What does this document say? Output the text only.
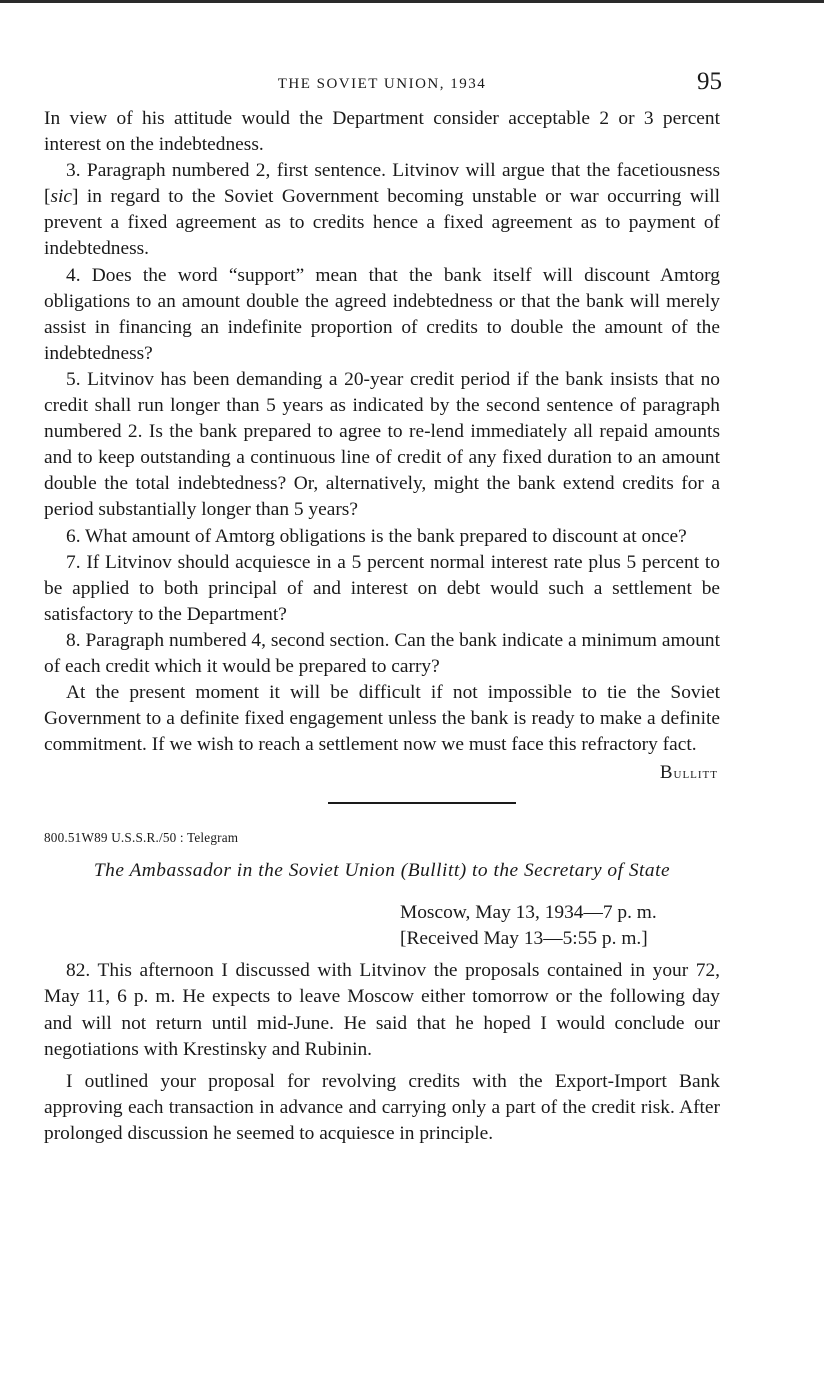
THE SOVIET UNION, 1934	95

In view of his attitude would the Department consider acceptable 2 or 3 percent interest on the indebtedness.

3. Paragraph numbered 2, first sentence. Litvinov will argue that the facetiousness [sic] in regard to the Soviet Government becoming unstable or war occurring will prevent a fixed agreement as to credits hence a fixed agreement as to payment of indebtedness.

4. Does the word “support” mean that the bank itself will discount Amtorg obligations to an amount double the agreed indebtedness or that the bank will merely assist in financing an indefinite proportion of credits to double the amount of the indebtedness?

5. Litvinov has been demanding a 20-year credit period if the bank insists that no credit shall run longer than 5 years as indicated by the second sentence of paragraph numbered 2. Is the bank prepared to agree to re-lend immediately all repaid amounts and to keep outstanding a continuous line of credit of any fixed duration to an amount double the total indebtedness? Or, alternatively, might the bank extend credits for a period substantially longer than 5 years?

6. What amount of Amtorg obligations is the bank prepared to discount at once?

7. If Litvinov should acquiesce in a 5 percent normal interest rate plus 5 percent to be applied to both principal of and interest on debt would such a settlement be satisfactory to the Department?

8. Paragraph numbered 4, second section. Can the bank indicate a minimum amount of each credit which it would be prepared to carry?

At the present moment it will be difficult if not impossible to tie the Soviet Government to a definite fixed engagement unless the bank is ready to make a definite commitment. If we wish to reach a settlement now we must face this refractory fact.

Bullitt
800.51W89 U.S.S.R./50 : Telegram
The Ambassador in the Soviet Union (Bullitt) to the Secretary of State
Moscow, May 13, 1934—7 p. m.
[Received May 13—5:55 p. m.]

82. This afternoon I discussed with Litvinov the proposals contained in your 72, May 11, 6 p. m. He expects to leave Moscow either tomorrow or the following day and will not return until mid-June. He said that he hoped I would conclude our negotiations with Krestinsky and Rubinin.

I outlined your proposal for revolving credits with the Export-Import Bank approving each transaction in advance and carrying only a part of the credit risk. After prolonged discussion he seemed to acquiesce in principle.
